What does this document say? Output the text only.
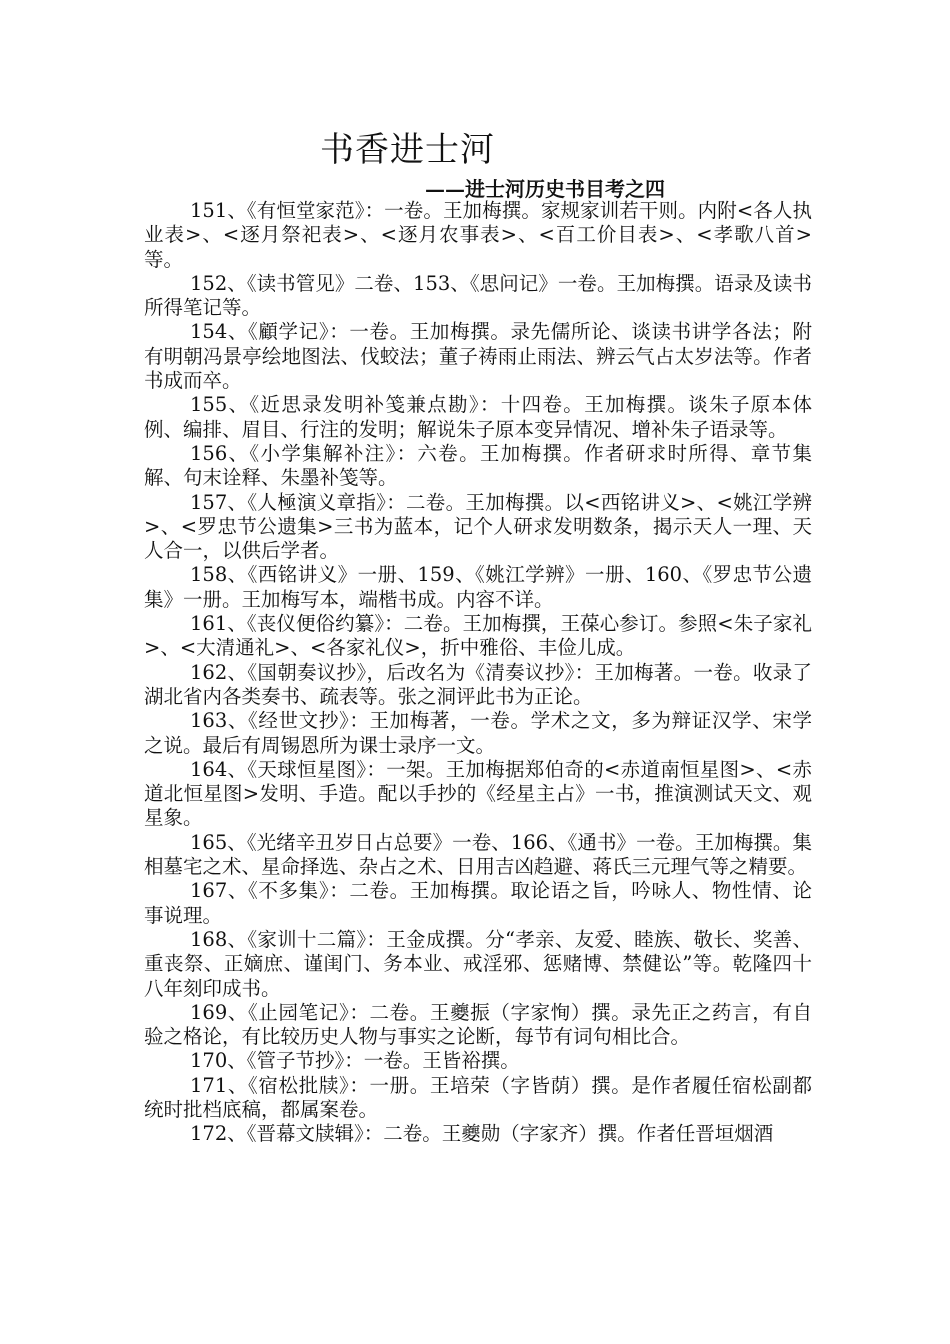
书香进士河
——进士河历史书目考之四

151、《有恒堂家范》：一卷。王加梅撰。家规家训若干则。内附<各人执业表>、<逐月祭祀表>、<逐月农事表>、<百工价目表>、<孝歌八首>等。

152、《读书管见》二卷、153、《思问记》一卷。王加梅撰。语录及读书所得笔记等。

154、《顧学记》：一卷。王加梅撰。录先儒所论、谈读书讲学各法；附有明朝冯景亭绘地图法、伐蛟法；董子祷雨止雨法、辨云气占太岁法等。作者书成而卒。

155、《近思录发明补笺兼点勘》：十四卷。王加梅撰。谈朱子原本体例、编排、眉目、行注的发明；解说朱子原本变异情况、增补朱子语录等。

156、《小学集解补注》：六卷。王加梅撰。作者研求时所得、章节集解、句末诠释、朱墨补笺等。

157、《人極演义章指》：二卷。王加梅撰。以<西铭讲义>、<姚江学辨>、<罗忠节公遗集>三书为蓝本，记个人研求发明数条，揭示天人一理、天人合一，以供后学者。

158、《西铭讲义》一册、159、《姚江学辨》一册、160、《罗忠节公遗集》一册。王加梅写本，端楷书成。内容不详。

161、《丧仪便俗约纂》：二卷。王加梅撰，王葆心参订。参照<朱子家礼>、<大清通礼>、<各家礼仪>，折中雅俗、丰俭儿成。

162、《国朝奏议抄》，后改名为《清奏议抄》：王加梅著。一卷。收录了湖北省内各类奏书、疏表等。张之洞评此书为正论。

163、《经世文抄》：王加梅著，一卷。学术之文，多为辩证汉学、宋学之说。最后有周锡恩所为课士录序一文。

164、《天球恒星图》：一架。王加梅据郑伯奇的<赤道南恒星图>、<赤道北恒星图>发明、手造。配以手抄的《经星主占》一书，推演测试天文、观星象。

165、《光绪辛丑岁日占总要》一卷、166、《通书》一卷。王加梅撰。集相墓宅之术、星命择选、杂占之术、日用吉凶趋避、蒋氏三元理气等之精要。

167、《不多集》：二卷。王加梅撰。取论语之旨，吟咏人、物性情、论事说理。

168、《家训十二篇》：王金成撰。分“孝亲、友爱、睦族、敬长、奖善、重丧祭、正嫡庶、谨闺门、务本业、戒淫邪、惩赌博、禁健讼”等。乾隆四十八年刻印成书。

169、《止园笔记》：二卷。王夔振（字家恂）撰。录先正之药言，有自验之格论，有比较历史人物与事实之论断，每节有词句相比合。

170、《管子节抄》：一卷。王皆裕撰。

171、《宿松批牍》：一册。王培荣（字皆荫）撰。是作者履任宿松副都统时批档底稿，都属案卷。

172、《晋幕文牍辑》：二卷。王夔勋（字家齐）撰。作者任晋垣烟酒
